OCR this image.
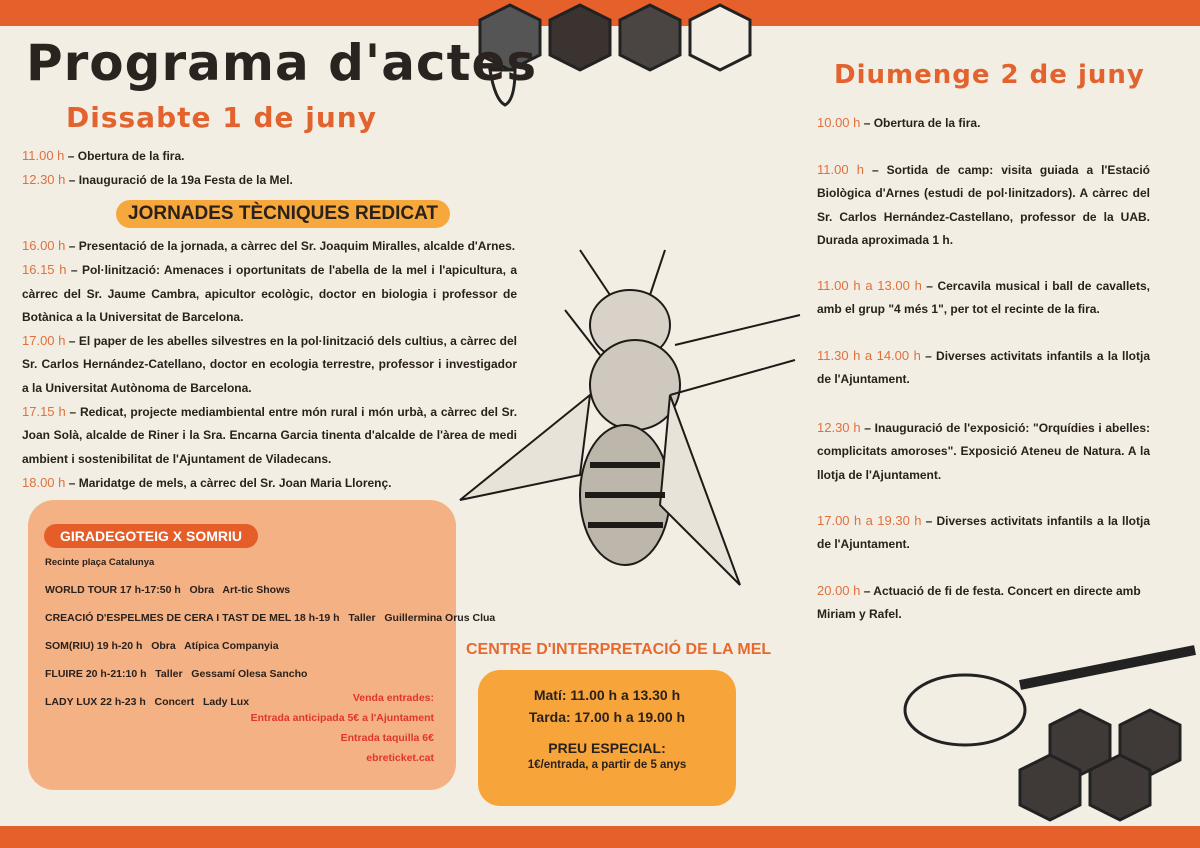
Programa d'actes
Dissabte 1 de juny
11.00 h – Obertura de la fira.
12.30 h – Inauguració de la 19a Festa de la Mel.
JORNADES TÈCNIQUES REDICAT
16.00 h – Presentació de la jornada, a càrrec del Sr. Joaquim Miralles, alcalde d'Arnes.
16.15 h – Pol·linització: Amenaces i oportunitats de l'abella de la mel i l'apicultura, a càrrec del Sr. Jaume Cambra, apicultor ecològic, doctor en biologia i professor de Botànica a la Universitat de Barcelona.
17.00 h – El paper de les abelles silvestres en la pol·linització dels cultius, a càrrec del Sr. Carlos Hernández-Catellano, doctor en ecologia terrestre, professor i investigador a la Universitat Autònoma de Barcelona.
17.15 h – Redicat, projecte mediambiental entre món rural i món urbà, a càrrec del Sr. Joan Solà, alcalde de Riner i la Sra. Encarna Garcia tinenta d'alcalde de l'àrea de medi ambient i sostenibilitat de l'Ajuntament de Viladecans.
18.00 h – Maridatge de mels, a càrrec del Sr. Joan Maria Llorenç.
Venda entrades:
Entrada anticipada 5€ a l'Ajuntament
Entrada taquilla 6€
ebreticket.cat
GIRADEGOTEIG X SOMRIU
Recinte plaça Catalunya
WORLD TOUR 17 h-17:50 h Obra Art-tic Shows
CREACIÓ D'ESPELMES DE CERA I TAST DE MEL 18 h-19 h Taller Guillermina Orus Clua
SOM(RIU) 19 h-20 h Obra Atípica Companyia
FLUIRE 20 h-21:10 h Taller Gessamí Olesa Sancho
LADY LUX 22 h-23 h Concert Lady Lux
CENTRE D'INTERPRETACIÓ DE LA MEL
Matí: 11.00 h a 13.30 h
Tarda: 17.00 h a 19.00 h
PREU ESPECIAL:
1€/entrada, a partir de 5 anys
Diumenge 2 de juny
10.00 h – Obertura de la fira.
11.00 h – Sortida de camp: visita guiada a l'Estació Biològica d'Arnes (estudi de pol·linitzadors). A càrrec del Sr. Carlos Hernández-Castellano, professor de la UAB. Durada aproximada 1 h.
11.00 h a 13.00 h – Cercavila musical i ball de cavallets, amb el grup "4 més 1", per tot el recinte de la fira.
11.30 h a 14.00 h – Diverses activitats infantils a la llotja de l'Ajuntament.
12.30 h – Inauguració de l'exposició: "Orquídies i abelles: complicitats amoroses". Exposició Ateneu de Natura. A la llotja de l'Ajuntament.
17.00 h a 19.30 h – Diverses activitats infantils a la llotja de l'Ajuntament.
20.00 h – Actuació de fi de festa. Concert en directe amb Miriam y Rafel.
